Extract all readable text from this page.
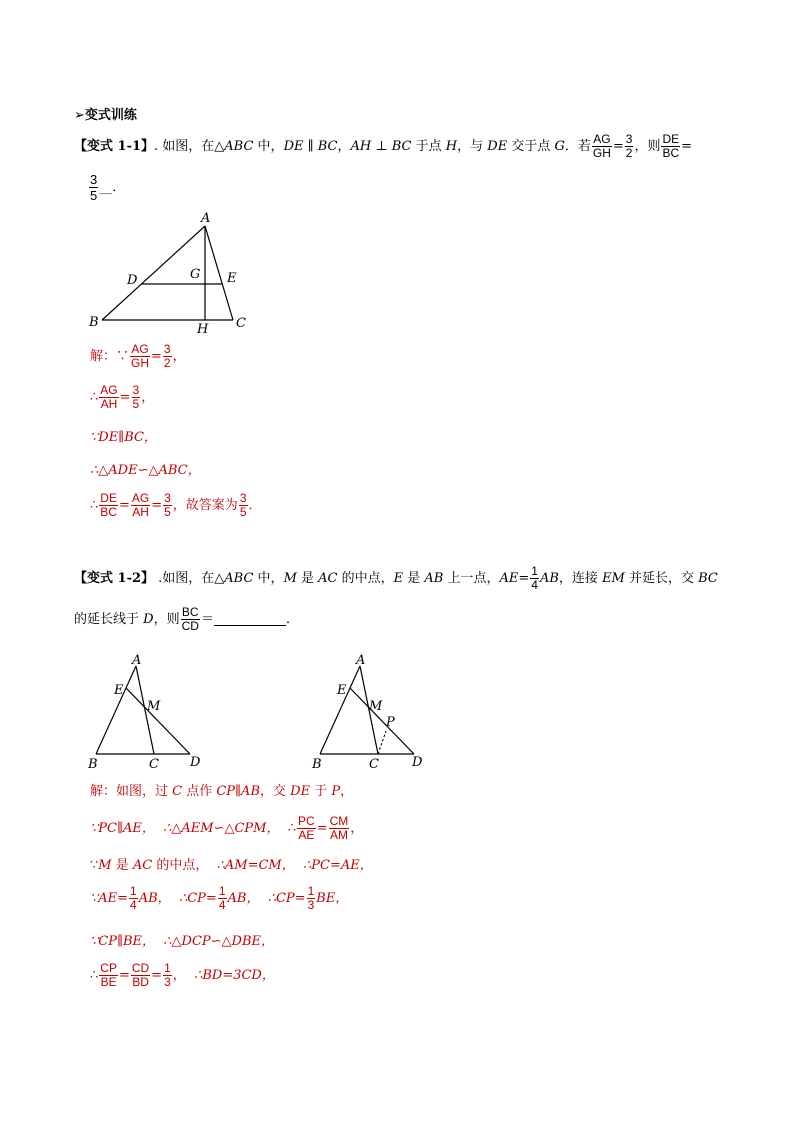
➢变式训练
【变式 1-1】. 如图，在△ABC 中，DE ∥ BC，AH ⊥ BC 于点 H，与 DE 交于点 G．若 $\frac{AG}{GH} = \frac{3}{2}$ ，则 $\frac{DE}{BC}$ =
$\frac{3}{5}$ __．
A
D	G E
B	H C
解：∵ $\frac{AG}{GH} = \frac{3}{2}$ ，
∴ $\frac{AG}{AH} = \frac{3}{5}$ ，
∵DE∥BC，
∴△ADE∽△ABC，
∴ $\frac{DE}{BC} = \frac{AG}{AH} = \frac{3}{5}$ ，故答案为 $\frac{3}{5}$ ．
【变式 1-2】 .如图，在△ABC 中，M 是 AC 的中点，E 是 AB 上一点，$AE= \frac{1}{4}$ AB，连接 EM 并延长，交 BC
的延长线于 D，则 $\frac{BC}{CD}$ ＝	．
A
E
M
B	C D
A
E
M
P
B	C	D
解：如图，过 C 点作 CP∥AB，交 DE 于 P，
∵PC∥AE， ∴△AEM∽△CPM， ∴ $\frac{PC}{AE} = \frac{CM}{AM}$ ，
∵M 是 AC 的中点， ∴AM=CM， ∴PC=AE，
∵AE= $\frac{1}{4}$ AB， ∴CP= $\frac{1}{4}$ AB， ∴CP= $\frac{1}{3}$ BE，
∵CP∥BE， ∴△DCP∽△DBE，
∴ $\frac{CP}{BE} = \frac{CD}{BD} = \frac{1}{3}$ ， ∴BD=3CD，
